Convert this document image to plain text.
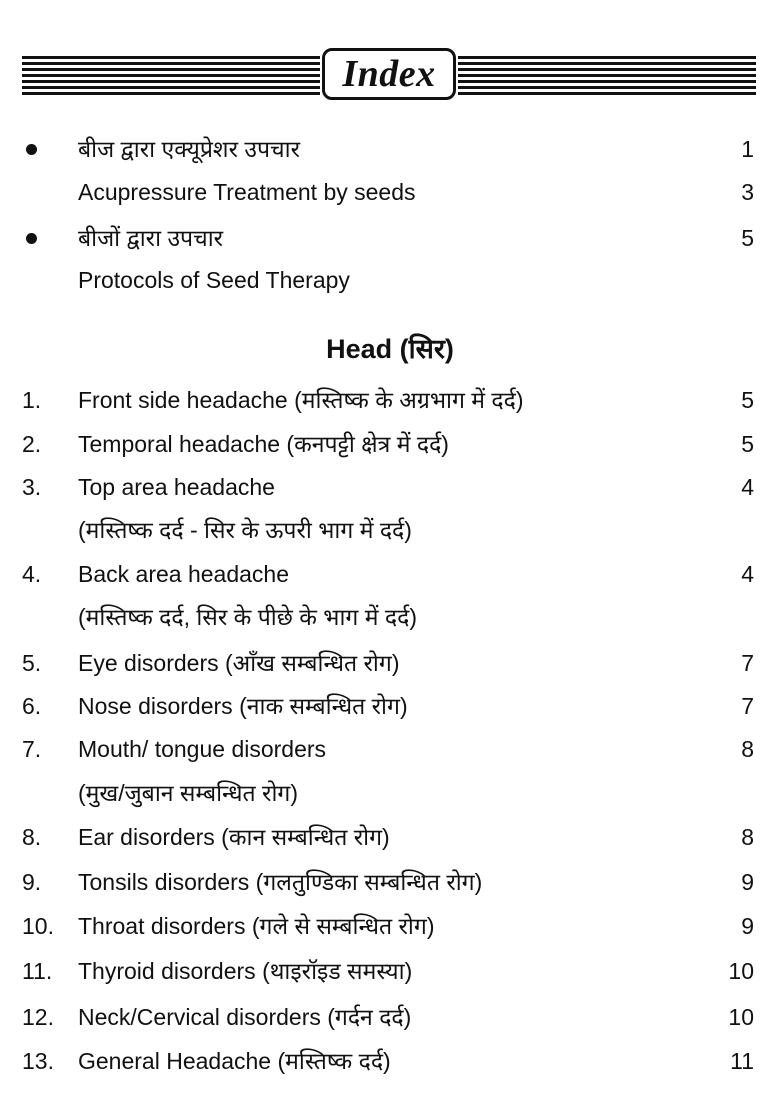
Index
बीज द्वारा एक्यूप्रेशर उपचार	1
Acupressure Treatment by seeds	3
बीजों द्वारा उपचार	5
Protocols of Seed Therapy
Head (सिर)
1. Front side headache (मस्तिष्क के अग्रभाग में दर्द)	5
2. Temporal headache (कनपट्टी क्षेत्र में दर्द)	5
3. Top area headache	4
(मस्तिष्क दर्द - सिर के ऊपरी भाग में दर्द)
4. Back area headache	4
(मस्तिष्क दर्द, सिर के पीछे के भाग में दर्द)
5. Eye disorders (आँख सम्बन्धित रोग)	7
6. Nose disorders (नाक सम्बन्धित रोग)	7
7. Mouth/ tongue disorders	8
(मुख/जुबान सम्बन्धित रोग)
8. Ear disorders (कान सम्बन्धित रोग)	8
9. Tonsils disorders (गलतुण्डिका सम्बन्धित रोग)	9
10. Throat disorders (गले से सम्बन्धित रोग)	9
11. Thyroid disorders (थाइरॉइड समस्या)	10
12. Neck/Cervical disorders (गर्दन दर्द)	10
13. General Headache (मस्तिष्क दर्द)	11
